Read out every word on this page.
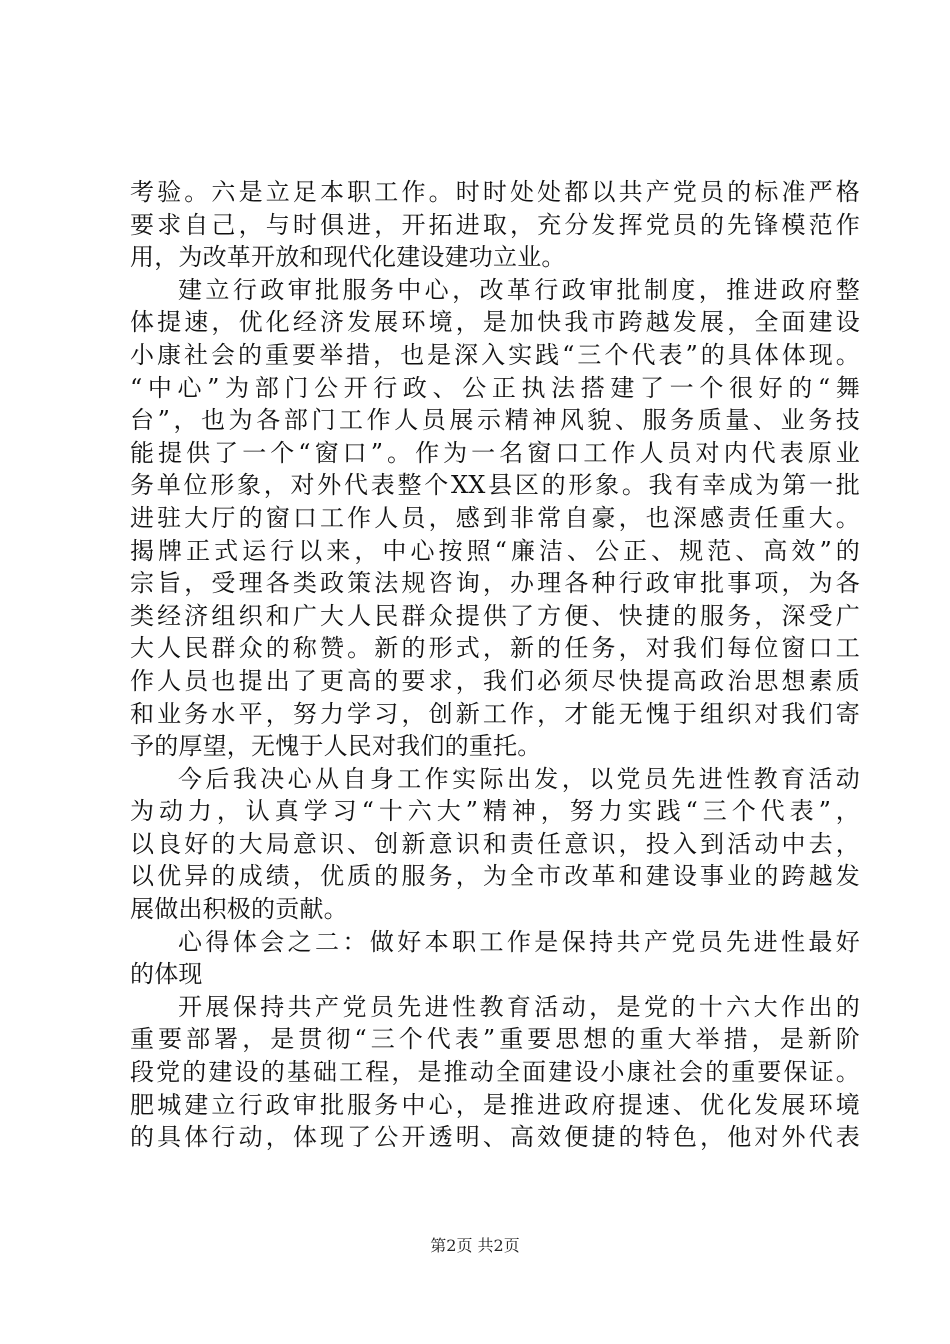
考验。六是立足本职工作。时时处处都以共产党员的标准严格
要求自己，与时俱进，开拓进取，充分发挥党员的先锋模范作
用，为改革开放和现代化建设建功立业。
建立行政审批服务中心，改革行政审批制度，推进政府整
体提速，优化经济发展环境，是加快我市跨越发展，全面建设
小康社会的重要举措，也是深入实践“三个代表”的具体体现。
“中心”为部门公开行政、公正执法搭建了一个很好的“舞
台”，也为各部门工作人员展示精神风貌、服务质量、业务技
能提供了一个“窗口”。作为一名窗口工作人员对内代表原业
务单位形象，对外代表整个XX县区的形象。我有幸成为第一批
进驻大厅的窗口工作人员，感到非常自豪，也深感责任重大。
揭牌正式运行以来，中心按照“廉洁、公正、规范、高效”的
宗旨，受理各类政策法规咨询，办理各种行政审批事项，为各
类经济组织和广大人民群众提供了方便、快捷的服务，深受广
大人民群众的称赞。新的形式，新的任务，对我们每位窗口工
作人员也提出了更高的要求，我们必须尽快提高政治思想素质
和业务水平，努力学习，创新工作，才能无愧于组织对我们寄
予的厚望，无愧于人民对我们的重托。
今后我决心从自身工作实际出发，以党员先进性教育活动
为动力，认真学习“十六大”精神，努力实践“三个代表”，
以良好的大局意识、创新意识和责任意识，投入到活动中去，
以优异的成绩，优质的服务，为全市改革和建设事业的跨越发
展做出积极的贡献。
心得体会之二：做好本职工作是保持共产党员先进性最好
的体现
开展保持共产党员先进性教育活动，是党的十六大作出的
重要部署，是贯彻“三个代表”重要思想的重大举措，是新阶
段党的建设的基础工程，是推动全面建设小康社会的重要保证。
肥城建立行政审批服务中心，是推进政府提速、优化发展环境
的具体行动，体现了公开透明、高效便捷的特色，他对外代表
第2页 共2页
